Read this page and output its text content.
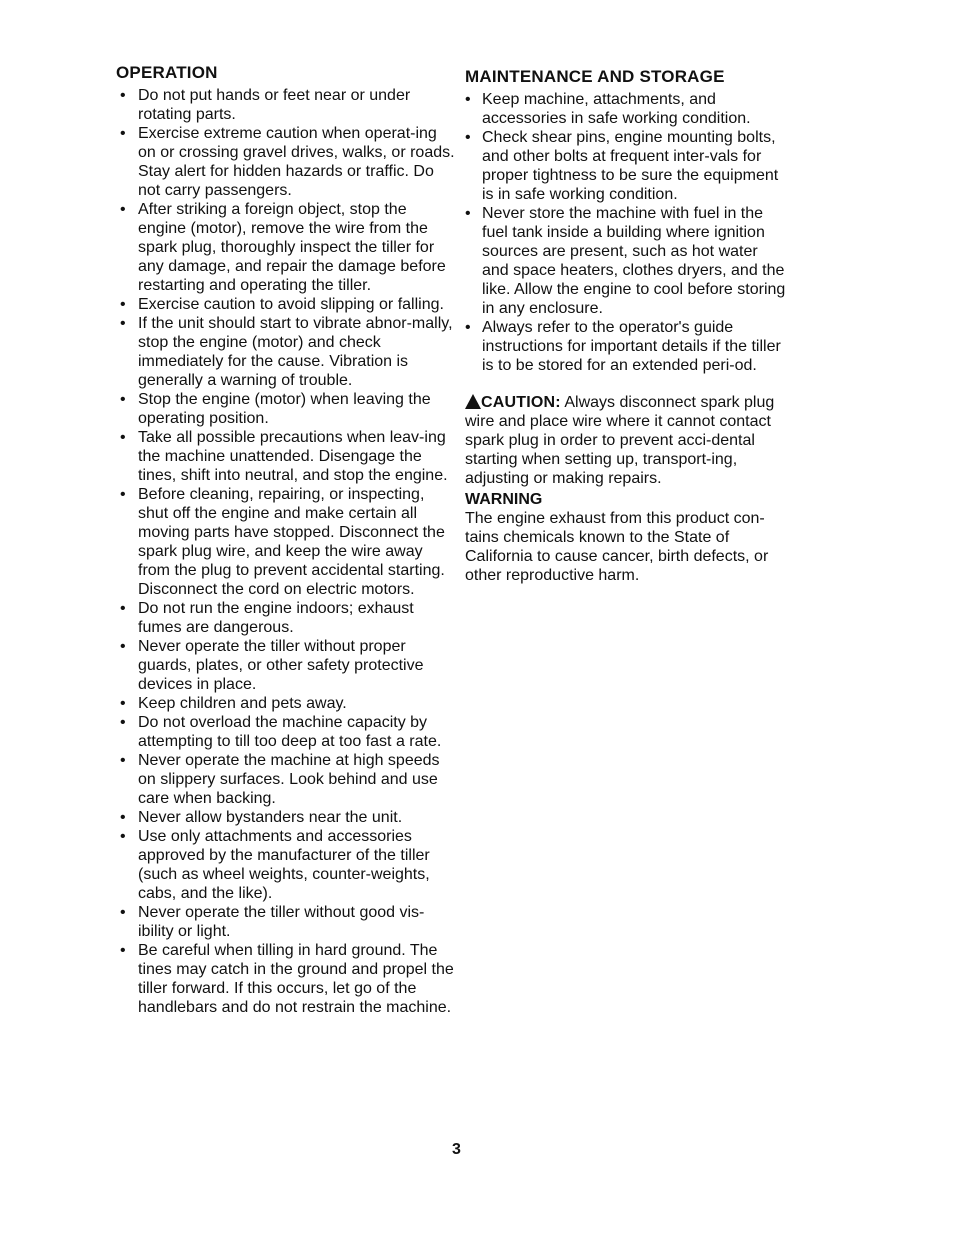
OPERATION
• Do not put hands or feet near or under rotating parts.
• Exercise extreme caution when operat-ing on or crossing gravel drives, walks, or roads. Stay alert for hidden hazards or traffic. Do not carry passengers.
• After striking a foreign object, stop the engine (motor), remove the wire from the spark plug, thoroughly inspect the tiller for any damage, and repair the damage before restarting and operating the tiller.
• Exercise caution to avoid slipping or falling.
• If the unit should start to vibrate abnor-mally, stop the engine (motor) and check immediately for the cause. Vibration is generally a warning of trouble.
• Stop the engine (motor) when leaving the operating position.
• Take all possible precautions when leav-ing the machine unattended. Disengage the tines, shift into neutral, and stop the engine.
• Before cleaning, repairing, or inspecting, shut off the engine and make certain all moving parts have stopped. Disconnect the spark plug wire, and keep the wire away from the plug to prevent accidental starting. Disconnect the cord on electric motors.
• Do not run the engine indoors; exhaust fumes are dangerous.
• Never operate the tiller without proper guards, plates, or other safety protective devices in place.
• Keep children and pets away.
• Do not overload the machine capacity by attempting to till too deep at too fast a rate.
• Never operate the machine at high speeds on slippery surfaces. Look behind and use care when backing.
• Never allow bystanders near the unit.
• Use only attachments and accessories approved by the manufacturer of the tiller (such as wheel weights, counter-weights, cabs, and the like).
• Never operate the tiller without good vis-ibility or light.
• Be careful when tilling in hard ground. The tines may catch in the ground and propel the tiller forward. If this occurs, let go of the handlebars and do not restrain the machine.
MAINTENANCE AND STORAGE
• Keep machine, attachments, and accessories in safe working condition.
• Check shear pins, engine mounting bolts, and other bolts at frequent inter-vals for proper tightness to be sure the equipment is in safe working condition.
• Never store the machine with fuel in the fuel tank inside a building where ignition sources are present, such as hot water and space heaters, clothes dryers, and the like. Allow the engine to cool before storing in any enclosure.
• Always refer to the operator's guide instructions for important details if the tiller is to be stored for an extended peri-od.
CAUTION: Always disconnect spark plug wire and place wire where it cannot contact spark plug in order to prevent acci-dental starting when setting up, transport-ing, adjusting or making repairs.
WARNING
The engine exhaust from this product con-tains chemicals known to the State of California to cause cancer, birth defects, or other reproductive harm.
3
